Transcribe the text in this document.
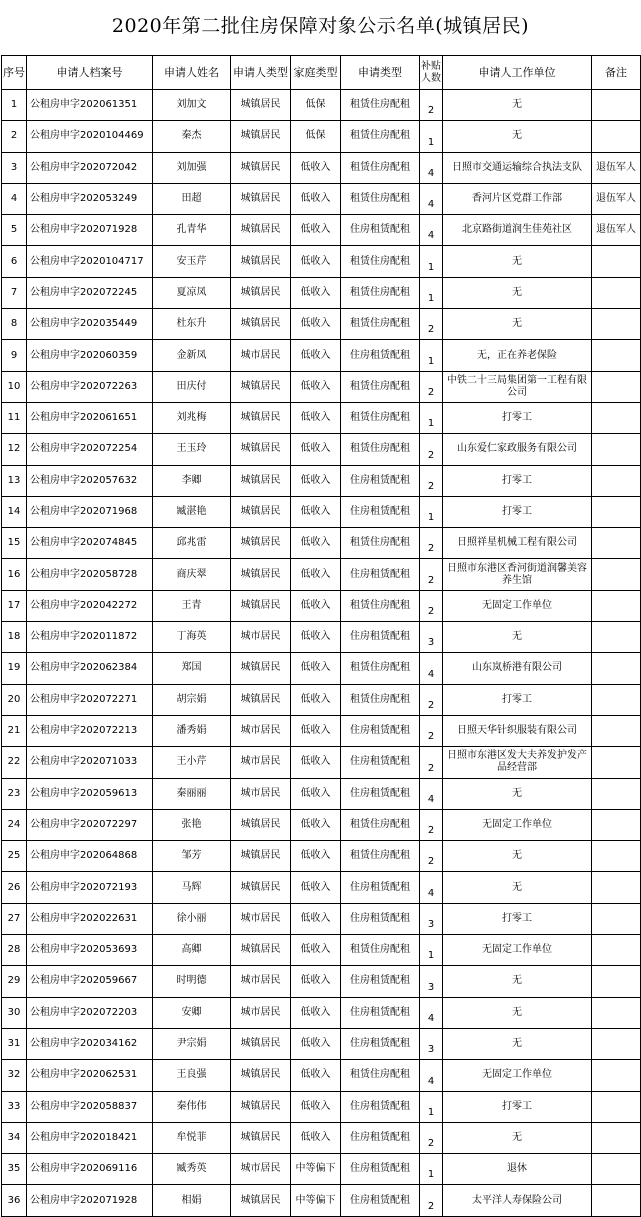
2020年第二批住房保障对象公示名单(城镇居民)
序号	申请人档案号	申请人姓名	申请人类型	家庭类型	申请类型	补贴人数	申请人工作单位	备注
1	公租房申字202061351	刘加文	城镇居民	低保	租赁住房配租	2	无	
2	公租房申字2020104469	秦杰	城镇居民	低保	租赁住房配租	1	无	
3	公租房申字202072042	刘加强	城镇居民	低收入	租赁住房配租	4	日照市交通运输综合执法支队	退伍军人
4	公租房申字202053249	田超	城镇居民	低收入	租赁住房配租	4	香河片区党群工作部	退伍军人
5	公租房申字202071928	孔青华	城镇居民	低收入	住房租赁配租	4	北京路街道润生佳苑社区	退伍军人
6	公租房申字2020104717	安玉芹	城镇居民	低收入	租赁住房配租	1	无	
7	公租房申字202072245	夏凉凤	城镇居民	低收入	租赁住房配租	1	无	
8	公租房申字202035449	杜东升	城镇居民	低收入	租赁住房配租	2	无	
9	公租房申字202060359	金新凤	城市居民	低收入	住房租赁配租	1	无，正在养老保险	
10	公租房申字202072263	田庆付	城镇居民	低收入	租赁住房配租	2	中铁二十三局集团第一工程有限公司	
11	公租房申字202061651	刘兆梅	城镇居民	低收入	租赁住房配租	1	打零工	
12	公租房申字202072254	王玉玲	城镇居民	低收入	租赁住房配租	2	山东爱仁家政服务有限公司	
13	公租房申字202057632	李卿	城镇居民	低收入	住房租赁配租	2	打零工	
14	公租房申字202071968	臧湛艳	城镇居民	低收入	住房租赁配租	1	打零工	
15	公租房申字202074845	邱兆雷	城镇居民	低收入	租赁住房配租	2	日照祥星机械工程有限公司	
16	公租房申字202058728	商庆翠	城镇居民	低收入	住房租赁配租	2	日照市东港区香河街道润馨美容养生馆	
17	公租房申字202042272	王青	城镇居民	低收入	租赁住房配租	2	无固定工作单位	
18	公租房申字202011872	丁海英	城市居民	低收入	住房租赁配租	3	无	
19	公租房申字202062384	郑国	城镇居民	低收入	租赁住房配租	4	山东岚桥港有限公司	
20	公租房申字202072271	胡宗娟	城镇居民	低收入	租赁住房配租	2	打零工	
21	公租房申字202072213	潘秀娟	城市居民	低收入	住房租赁配租	2	日照天华针织服装有限公司	
22	公租房申字202071033	王小芹	城市居民	低收入	住房租赁配租	2	日照市东港区发大夫养发护发产品经营部	
23	公租房申字202059613	秦丽丽	城市居民	低收入	住房租赁配租	4	无	
24	公租房申字202072297	张艳	城镇居民	低收入	租赁住房配租	2	无固定工作单位	
25	公租房申字202064868	邹芳	城镇居民	低收入	租赁住房配租	2	无	
26	公租房申字202072193	马辉	城镇居民	低收入	住房租赁配租	4	无	
27	公租房申字202022631	徐小丽	城市居民	低收入	住房租赁配租	3	打零工	
28	公租房申字202053693	高卿	城镇居民	低收入	租赁住房配租	1	无固定工作单位	
29	公租房申字202059667	时明德	城市居民	低收入	住房租赁配租	3	无	
30	公租房申字202072203	安卿	城市居民	低收入	住房租赁配租	4	无	
31	公租房申字202034162	尹宗娟	城镇居民	低收入	住房租赁配租	3	无	
32	公租房申字202062531	王良强	城镇居民	低收入	租赁住房配租	4	无固定工作单位	
33	公租房申字202058837	秦伟伟	城镇居民	低收入	住房租赁配租	1	打零工	
34	公租房申字202018421	牟悦菲	城镇居民	低收入	住房租赁配租	2	无	
35	公租房申字202069116	臧秀英	城市居民	中等偏下	住房租赁配租	1	退休	
36	公租房申字202071928	相娟	城镇居民	中等偏下	住房租赁配租	2	太平洋人寿保险公司	
